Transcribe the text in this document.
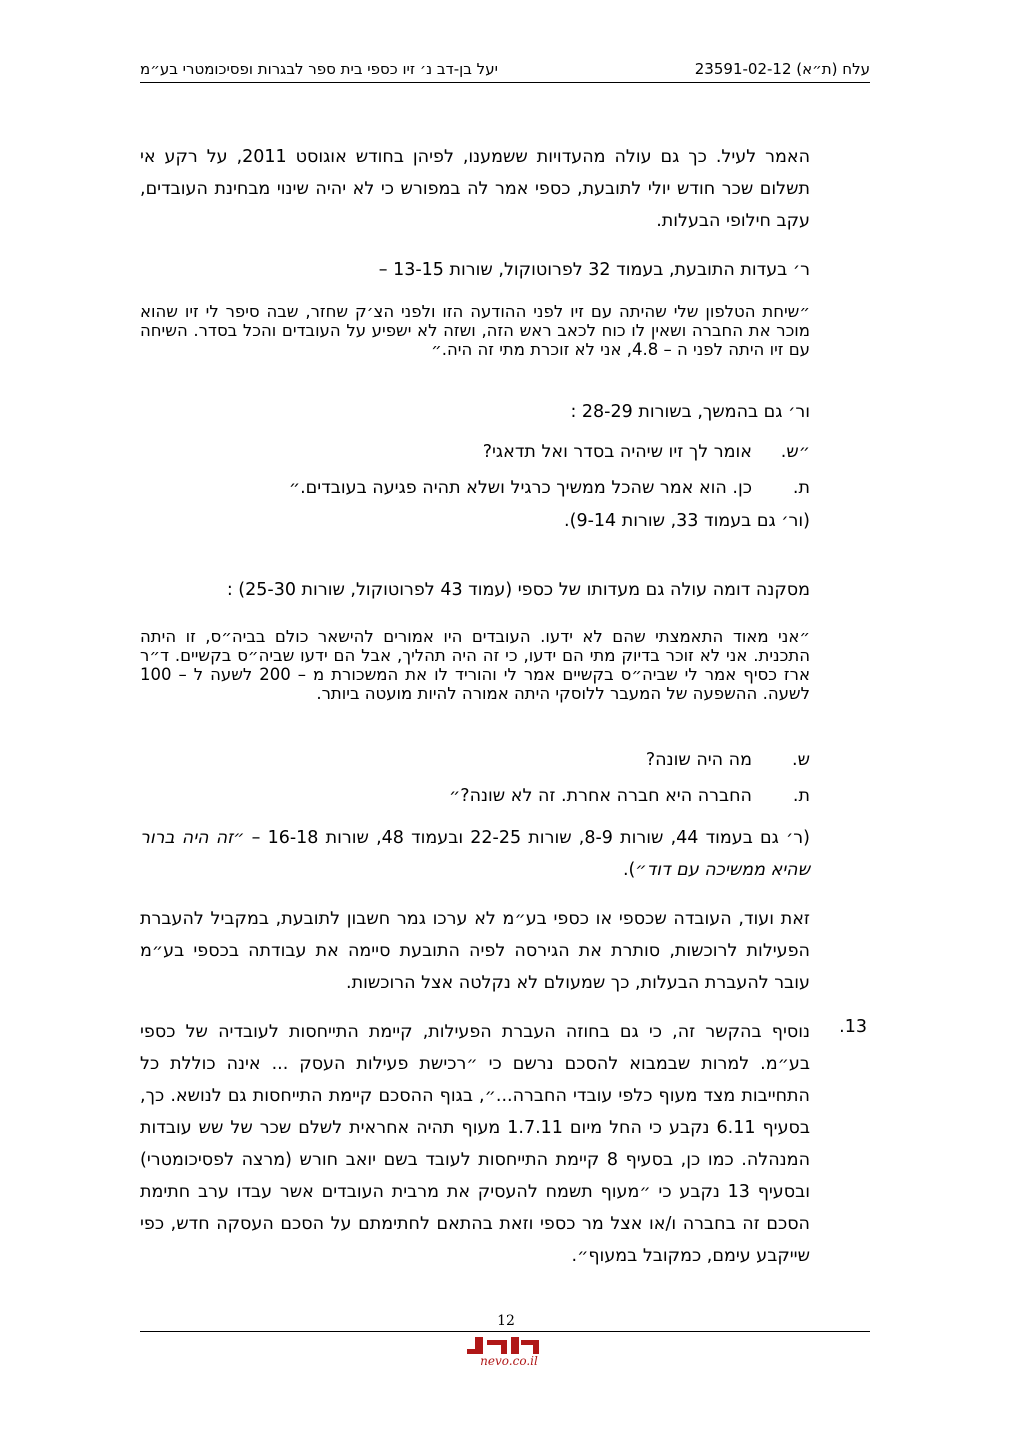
עלח (ת״א) 23591-02-12
יעל בן-דב נ׳ זיו כספי בית ספר לבגרות ופסיכומטרי בע״מ
האמר לעיל. כך גם עולה מהעדויות ששמענו, לפיהן בחודש אוגוסט 2011, על רקע אי תשלום שכר חודש יולי לתובעת, כספי אמר לה במפורש כי לא יהיה שינוי מבחינת העובדים, עקב חילופי הבעלות.
ר׳ בעדות התובעת, בעמוד 32 לפרוטוקול, שורות 13-15 –
״שיחת הטלפון שלי שהיתה עם זיו לפני ההודעה הזו ולפני הצ׳ק שחזר, שבה סיפר לי זיו שהוא מוכר את החברה ושאין לו כוח לכאב ראש הזה, ושזה לא ישפיע על העובדים והכל בסדר. השיחה עם זיו היתה לפני ה – 4.8, אני לא זוכרת מתי זה היה.״
ור׳ גם בהמשך, בשורות 28-29 :
״ש.אומר לך זיו שיהיה בסדר ואל תדאגי?
ת.כן. הוא אמר שהכל ממשיך כרגיל ושלא תהיה פגיעה בעובדים.״
(ור׳ גם בעמוד 33, שורות 9-14).
מסקנה דומה עולה גם מעדותו של כספי (עמוד 43 לפרוטוקול, שורות 25-30) :
״אני מאוד התאמצתי שהם לא ידעו. העובדים היו אמורים להישאר כולם בביה״ס, זו היתה התכנית. אני לא זוכר בדיוק מתי הם ידעו, כי זה היה תהליך, אבל הם ידעו שביה״ס בקשיים. ד״ר ארז כסיף אמר לי שביה״ס בקשיים אמר לי והוריד לו את המשכורת מ – 200 לשעה ל – 100 לשעה. ההשפעה של המעבר ללוסקי היתה אמורה להיות מועטה ביותר.
ש.מה היה שונה?
ת.החברה היא חברה אחרת. זה לא שונה?״
(ר׳ גם בעמוד 44, שורות 8-9, שורות 22-25 ובעמוד 48, שורות 16-18 – ״זה היה ברור שהיא ממשיכה עם דוד״).
זאת ועוד, העובדה שכספי או כספי בע״מ לא ערכו גמר חשבון לתובעת, במקביל להעברת הפעילות לרוכשות, סותרת את הגירסה לפיה התובעת סיימה את עבודתה בכספי בע״מ עובר להעברת הבעלות, כך שמעולם לא נקלטה אצל הרוכשות.
13.
נוסיף בהקשר זה, כי גם בחוזה העברת הפעילות, קיימת התייחסות לעובדיה של כספי בע״מ. למרות שבמבוא להסכם נרשם כי ״רכישת פעילות העסק ... אינה כוללת כל התחייבות מצד מעוף כלפי עובדי החברה...״, בגוף ההסכם קיימת התייחסות גם לנושא. כך, בסעיף 6.11 נקבע כי החל מיום 1.7.11 מעוף תהיה אחראית לשלם שכר של שש עובדות המנהלה. כמו כן, בסעיף 8 קיימת התייחסות לעובד בשם יואב חורש (מרצה לפסיכומטרי) ובסעיף 13 נקבע כי ״מעוף תשמח להעסיק את מרבית העובדים אשר עבדו ערב חתימת הסכם זה בחברה ו/או אצל מר כספי וזאת בהתאם לחתימתם על הסכם העסקה חדש, כפי שייקבע עימם, כמקובל במעוף״.
12
nevo.co.il
